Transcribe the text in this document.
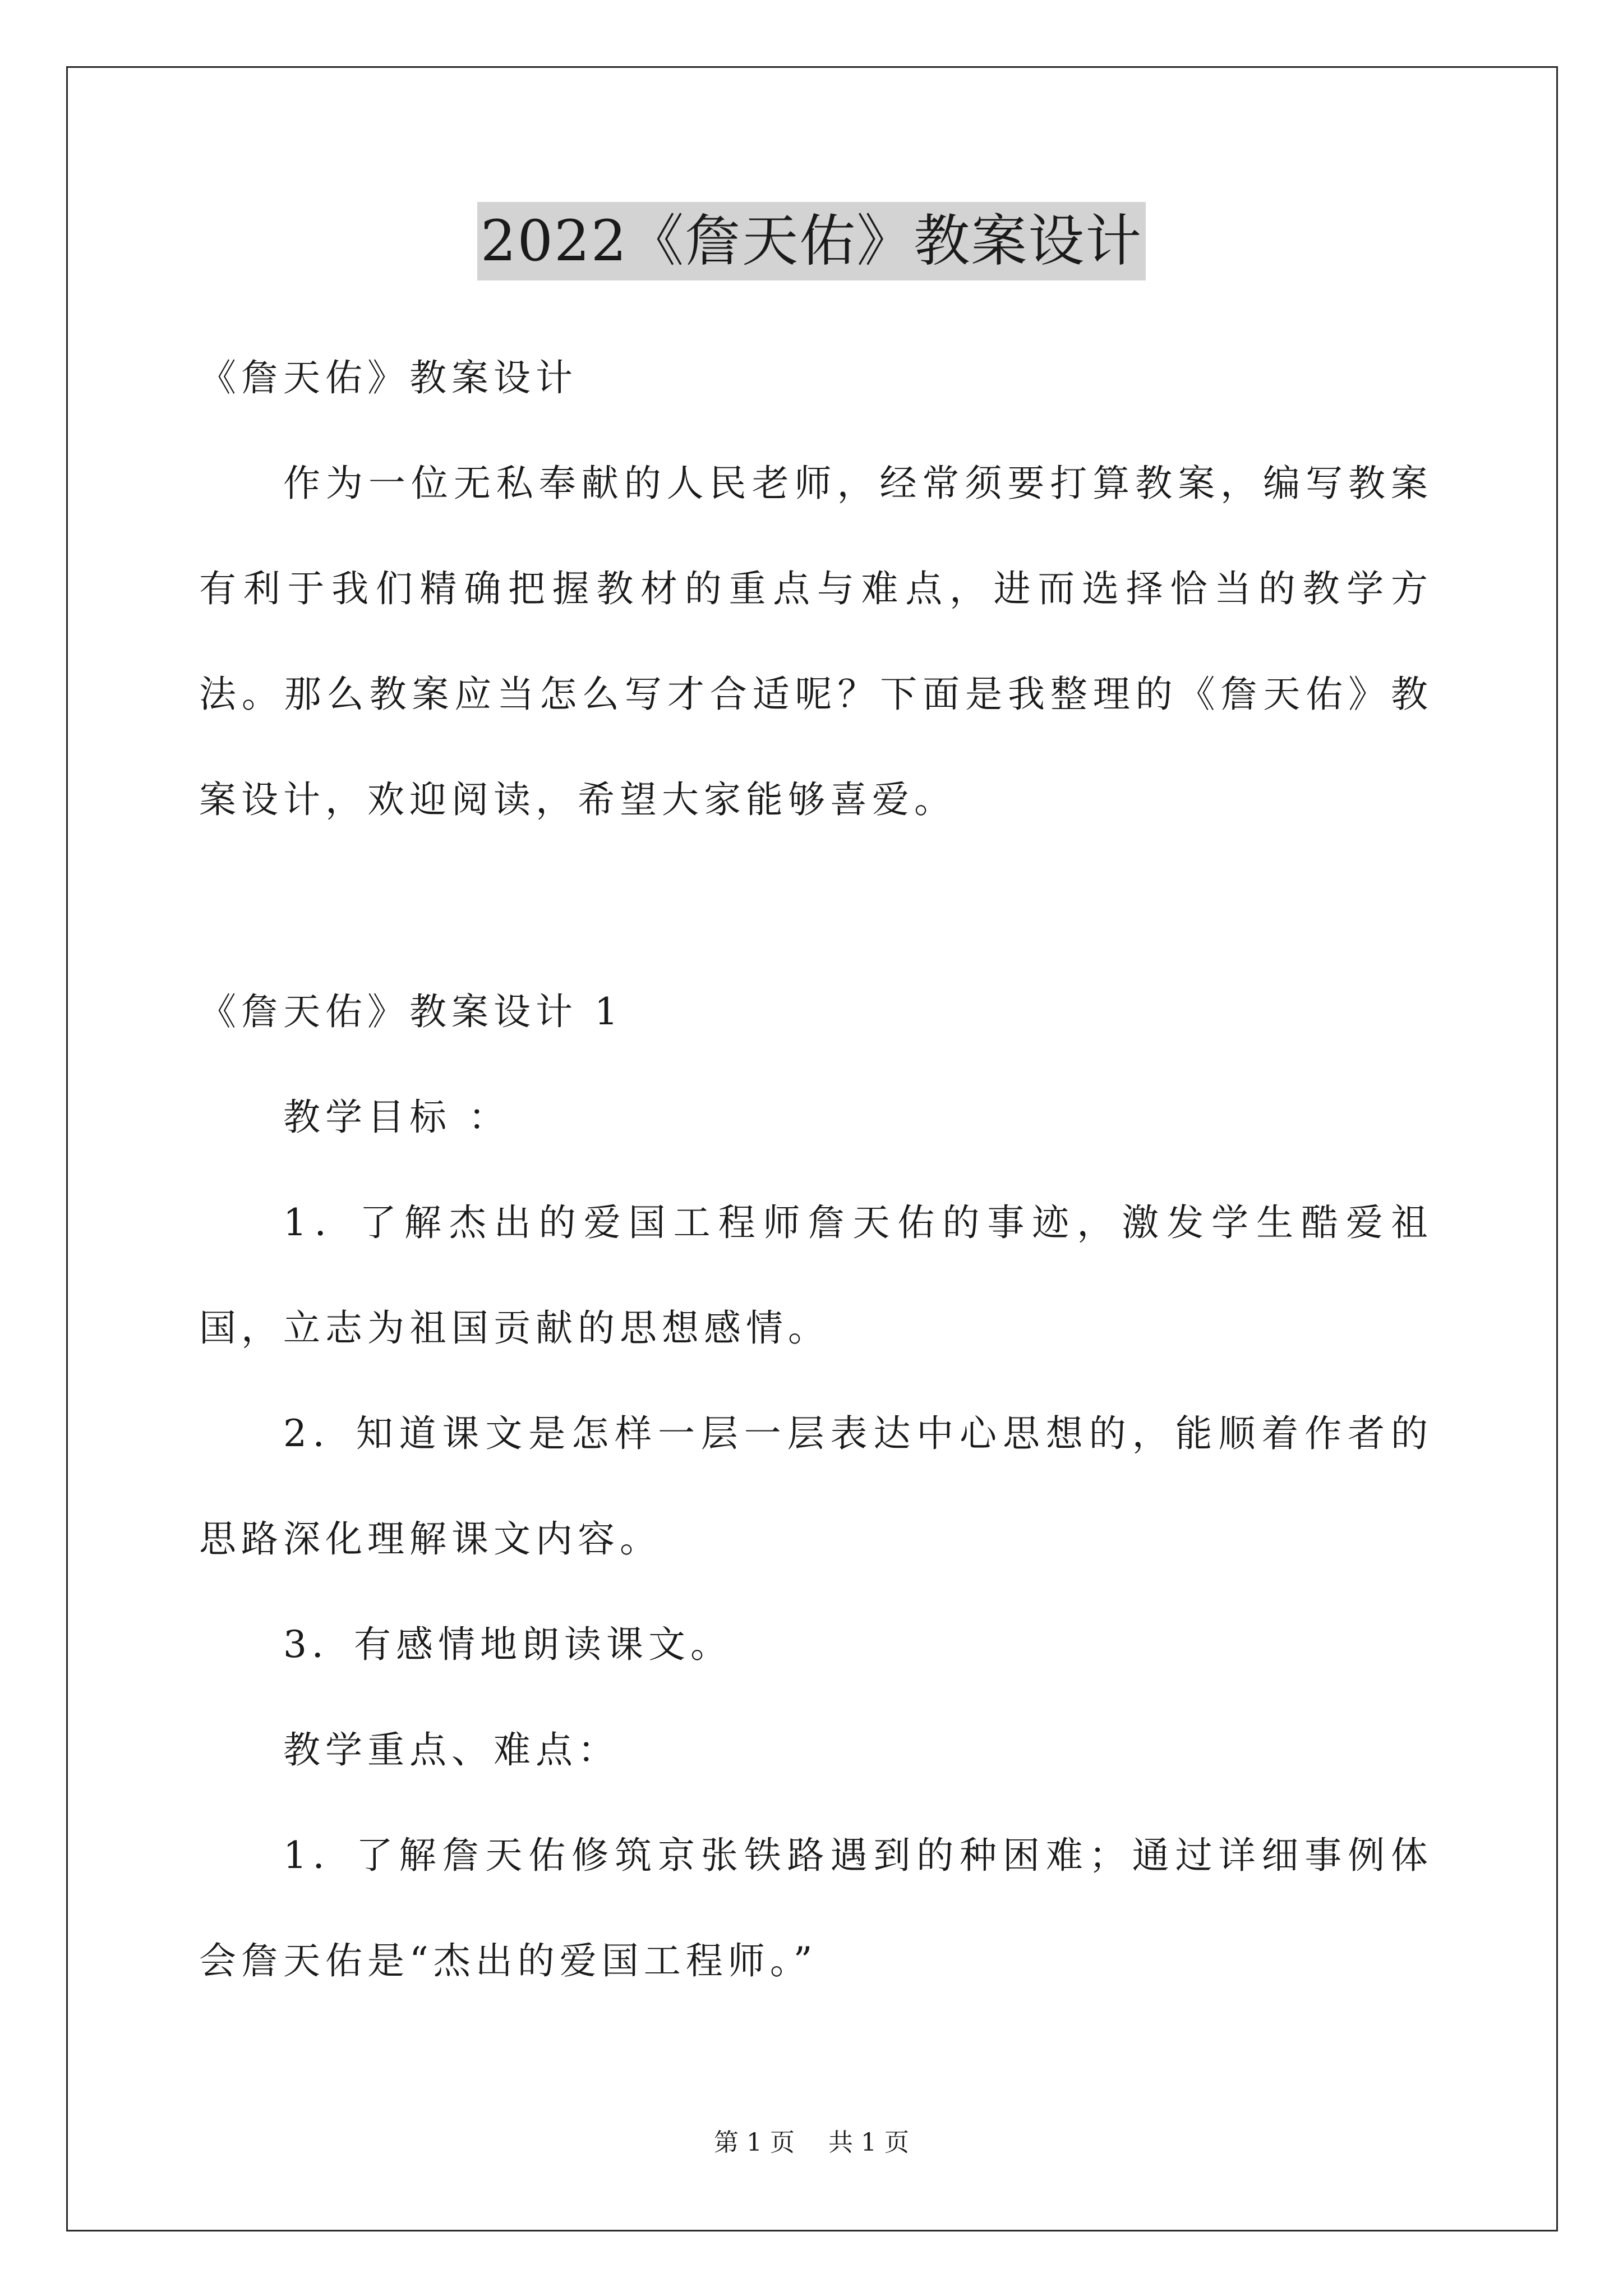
2022《詹天佑》教案设计

《詹天佑》教案设计

作为一位无私奉献的人民老师，经常须要打算教案，编写教案有利于我们精确把握教材的重点与难点，进而选择恰当的教学方法。那么教案应当怎么写才合适呢？下面是我整理的《詹天佑》教案设计，欢迎阅读，希望大家能够喜爱。

《詹天佑》教案设计 1

教学目标 ：

1．了解杰出的爱国工程师詹天佑的事迹，激发学生酷爱祖国，立志为祖国贡献的思想感情。

2．知道课文是怎样一层一层表达中心思想的，能顺着作者的思路深化理解课文内容。

3．有感情地朗读课文。

教学重点、难点：

1．了解詹天佑修筑京张铁路遇到的种困难；通过详细事例体会詹天佑是“杰出的爱国工程师。”

第 1 页 共 1 页
